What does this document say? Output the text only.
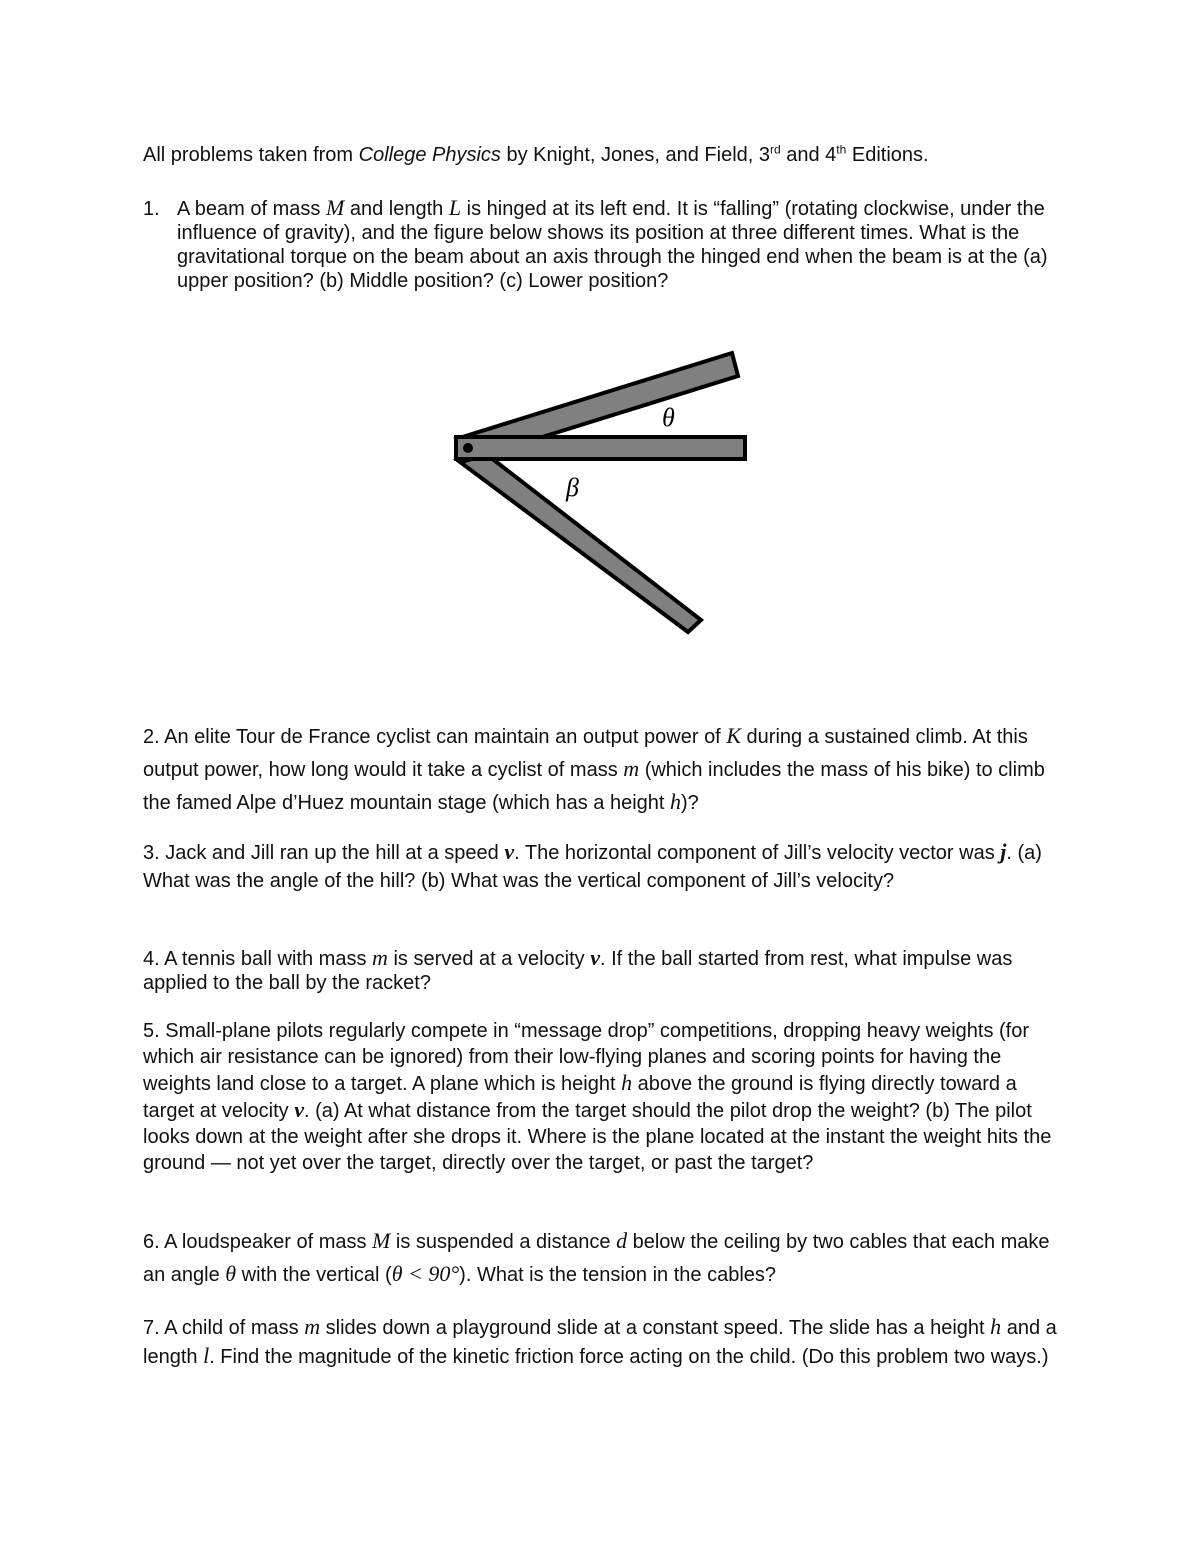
All problems taken from College Physics by Knight, Jones, and Field, 3rd and 4th Editions.

1. A beam of mass M and length L is hinged at its left end. It is “falling” (rotating clockwise, under the influence of gravity), and the figure below shows its position at three different times. What is the gravitational torque on the beam about an axis through the hinged end when the beam is at the (a) upper position? (b) Middle position? (c) Lower position?

θ
β

2. An elite Tour de France cyclist can maintain an output power of K during a sustained climb. At this output power, how long would it take a cyclist of mass m (which includes the mass of his bike) to climb the famed Alpe d’Huez mountain stage (which has a height h)?

3. Jack and Jill ran up the hill at a speed v. The horizontal component of Jill’s velocity vector was j. (a) What was the angle of the hill? (b) What was the vertical component of Jill’s velocity?

4. A tennis ball with mass m is served at a velocity v. If the ball started from rest, what impulse was applied to the ball by the racket?

5. Small-plane pilots regularly compete in “message drop” competitions, dropping heavy weights (for which air resistance can be ignored) from their low-flying planes and scoring points for having the weights land close to a target. A plane which is height h above the ground is flying directly toward a target at velocity v. (a) At what distance from the target should the pilot drop the weight? (b) The pilot looks down at the weight after she drops it. Where is the plane located at the instant the weight hits the ground — not yet over the target, directly over the target, or past the target?

6. A loudspeaker of mass M is suspended a distance d below the ceiling by two cables that each make an angle θ with the vertical (θ < 90°). What is the tension in the cables?

7. A child of mass m slides down a playground slide at a constant speed. The slide has a height h and a length l. Find the magnitude of the kinetic friction force acting on the child. (Do this problem two ways.)
